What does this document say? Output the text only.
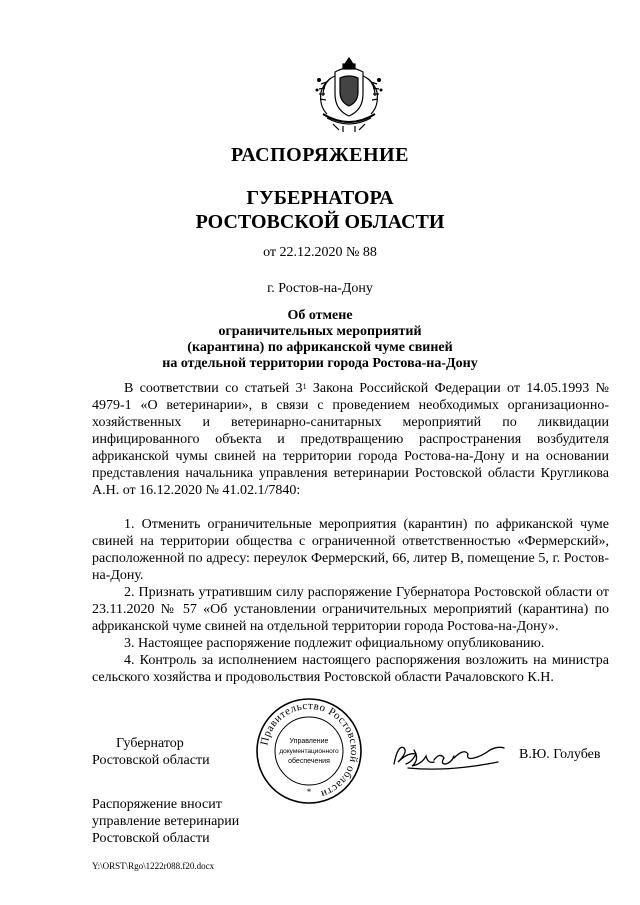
РАСПОРЯЖЕНИЕ
ГУБЕРНАТОРА
РОСТОВСКОЙ ОБЛАСТИ
от 22.12.2020 № 88
г. Ростов-на-Дону
Об отмене
ограничительных мероприятий
(карантина) по африканской чуме свиней
на отдельной территории города Ростова-на-Дону

В соответствии со статьей $3^1$ Закона Российской Федерации от 14.05.1993 № 4979-1 «О ветеринарии», в связи с проведением необходимых организационно-хозяйственных и ветеринарно-санитарных мероприятий по ликвидации инфицированного объекта и предотвращению распространения возбудителя африканской чумы свиней на территории города Ростова-на-Дону и на основании представления начальника управления ветеринарии Ростовской области Кругликова А.Н. от 16.12.2020 № 41.02.1/7840:

1. Отменить ограничительные мероприятия (карантин) по африканской чуме свиней на территории общества с ограниченной ответственностью «Фермерский», расположенной по адресу: переулок Фермерский, 66, литер В, помещение 5, г. Ростов-на-Дону.

2. Признать утратившим силу распоряжение Губернатора Ростовской области от 23.11.2020 № 57 «Об установлении ограничительных мероприятий (карантина) по африканской чуме свиней на отдельной территории города Ростова-на-Дону».

3. Настоящее распоряжение подлежит официальному опубликованию.

4. Контроль за исполнением настоящего распоряжения возложить на министра сельского хозяйства и продовольствия Ростовской области Рачаловского К.Н.

Губернатор
Ростовской области
Правительство Ростовской области
Управление
документационного
обеспечения
*
В.Ю. Голубев
Распоряжение вносит
управление ветеринарии
Ростовской области
Y:\ORST\Rgo\1222r088.f20.docx
